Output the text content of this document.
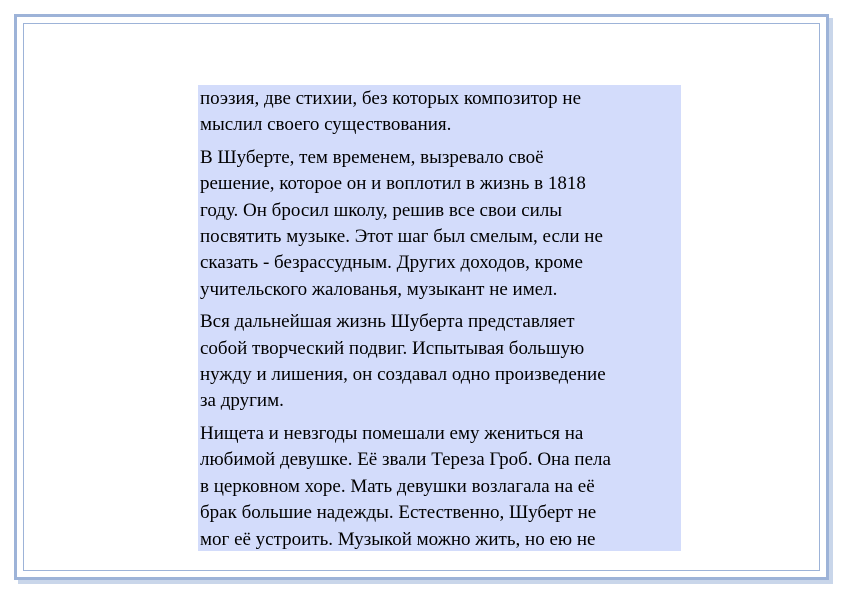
поэзия, две стихии, без которых композитор не
мыслил своего существования.

В Шуберте, тем временем, вызревало своё
решение, которое он и воплотил в жизнь в 1818
году. Он бросил школу, решив все свои силы
посвятить музыке. Этот шаг был смелым, если не
сказать - безрассудным. Других доходов, кроме
учительского жалованья, музыкант не имел.

Вся дальнейшая жизнь Шуберта представляет
собой творческий подвиг. Испытывая большую
нужду и лишения, он создавал одно произведение
за другим.

Нищета и невзгоды помешали ему жениться на
любимой девушке. Её звали Тереза Гроб. Она пела
в церковном хоре. Мать девушки возлагала на её
брак большие надежды. Естественно, Шуберт не
мог её устроить. Музыкой можно жить, но ею не
